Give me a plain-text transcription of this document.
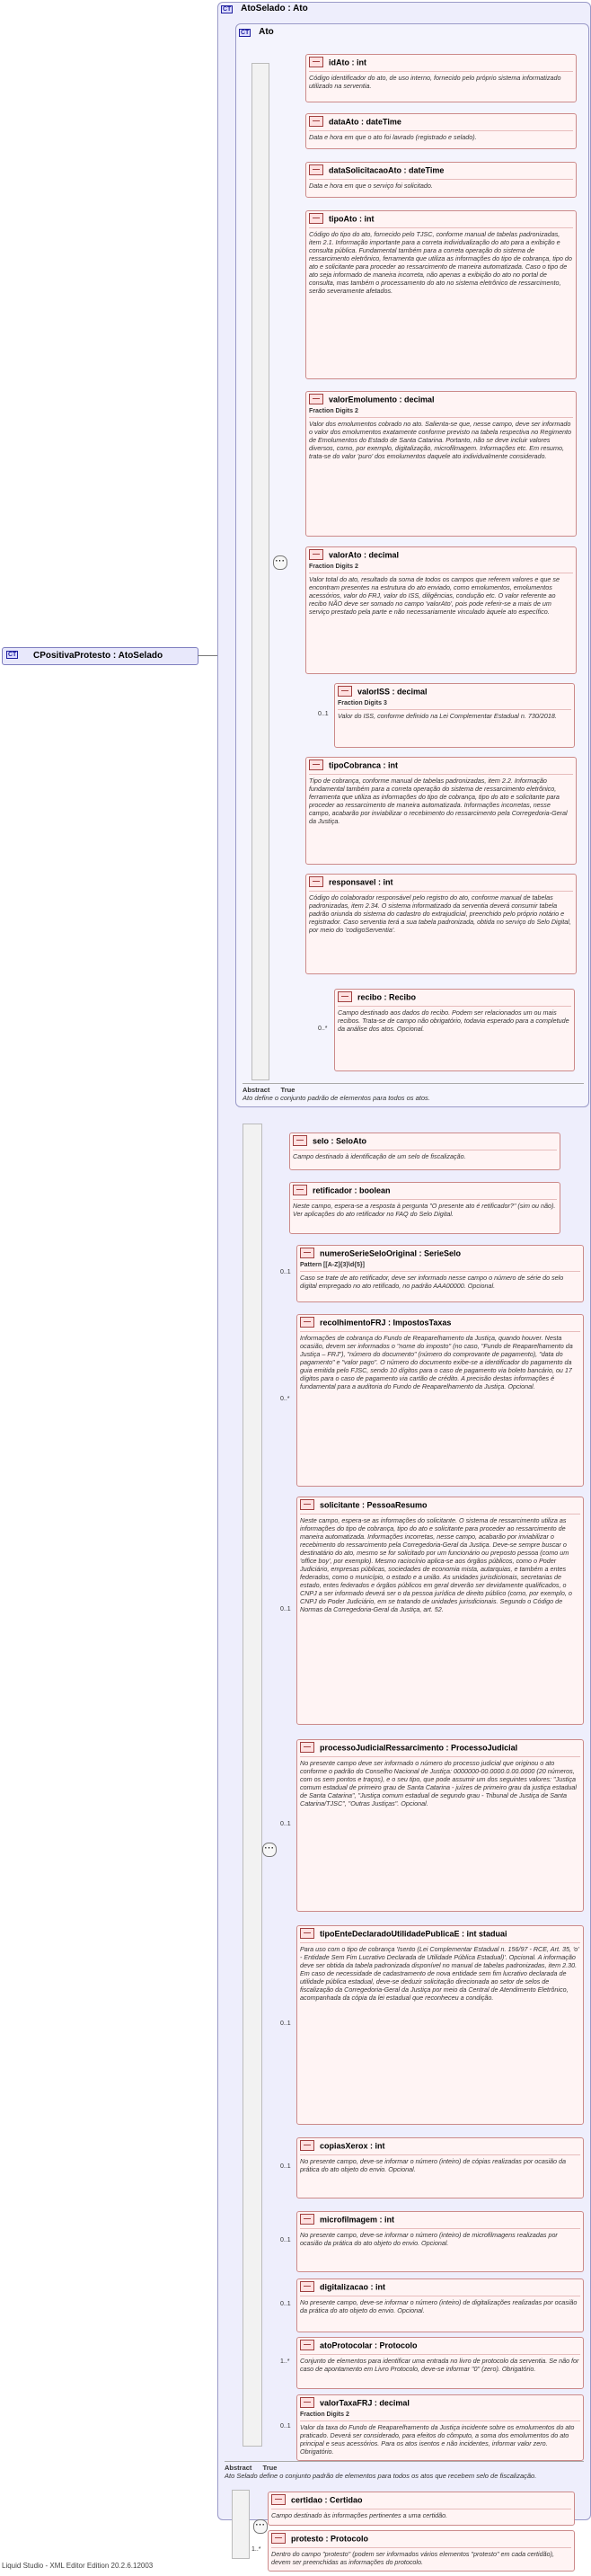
CT CPositivaProtesto : AtoSelado
CT AtoSelado : Ato
CT Ato
⋯
⋯
⋯
idAto : int
Código identificador do ato, de uso interno, fornecido pelo próprio sistema informatizado utilizado na serventia.
dataAto : dateTime
Data e hora em que o ato foi lavrado (registrado e selado).
dataSolicitacaoAto : dateTime
Data e hora em que o serviço foi solicitado.
tipoAto : int
Código do tipo do ato, fornecido pelo TJSC, conforme manual de tabelas padronizadas, item 2.1. Informação importante para a correta individualização do ato para a exibição e consulta pública. Fundamental também para a correta operação do sistema de ressarcimento eletrônico, ferramenta que utiliza as informações do tipo de cobrança, tipo do ato e solicitante para proceder ao ressarcimento de maneira automatizada. Caso o tipo de ato seja informado de maneira incorreta, não apenas a exibição do ato no portal de consulta, mas também o processamento do ato no sistema eletrônico de ressarcimento, serão severamente afetados.
valorEmolumento : decimal
Fraction Digits 2
Valor dos emolumentos cobrado no ato. Salienta-se que, nesse campo, deve ser informado o valor dos emolumentos exatamente conforme previsto na tabela respectiva no Regimento de Emolumentos do Estado de Santa Catarina. Portanto, não se deve incluir valores diversos, como, por exemplo, digitalização, microfilmagem. Informações etc. Em resumo, trata-se do valor 'puro' dos emolumentos daquele ato individualmente considerado.
valorAto : decimal
Fraction Digits 2
Valor total do ato, resultado da soma de todos os campos que referem valores e que se encontram presentes na estrutura do ato enviado, como emolumentos, emolumentos acessórios, valor do FRJ, valor do ISS, diligências, condução etc. O valor referente ao recibo NÃO deve ser somado no campo 'valorAto', pois pode referir-se a mais de um serviço prestado pela parte e não necessariamente vinculado àquele ato específico.
valorISS : decimal
Fraction Digits 3
Valor do ISS, conforme definido na Lei Complementar Estadual n. 730/2018.
0..1
tipoCobranca : int
Tipo de cobrança, conforme manual de tabelas padronizadas, item 2.2. Informação fundamental também para a correta operação do sistema de ressarcimento eletrônico, ferramenta que utiliza as informações do tipo de cobrança, tipo do ato e solicitante para proceder ao ressarcimento de maneira automatizada. Informações incorretas, nesse campo, acabarão por inviabilizar o recebimento do ressarcimento pela Corregedoria-Geral da Justiça.
responsavel : int
Código do colaborador responsável pelo registro do ato, conforme manual de tabelas padronizadas, item 2.34. O sistema informatizado da serventia deverá consumir tabela padrão oriunda do sistema do cadastro do extrajudicial, preenchido pelo próprio notário e registrador. Caso serventia terá a sua tabela padronizada, obtida no serviço do Selo Digital, por meio do 'codigoServentia'.
recibo : Recibo
Campo destinado aos dados do recibo. Podem ser relacionados um ou mais recibos. Trata-se de campo não obrigatório, todavia esperado para a completude da análise dos atos. Opcional.
0..*
selo : SeloAto
Campo destinado à identificação de um selo de fiscalização.
retificador : boolean
Neste campo, espera-se a resposta à pergunta "O presente ato é retificador?" (sim ou não). Ver aplicações do ato retificador no FAQ do Selo Digital.
numeroSerieSeloOriginal : SerieSelo
Pattern [[A-Z]{3}\d{5}]
Caso se trate de ato retificador, deve ser informado nesse campo o número de série do selo digital empregado no ato retificado, no padrão AAA00000. Opcional.
0..1
recolhimentoFRJ : ImpostosTaxas
Informações de cobrança do Fundo de Reaparelhamento da Justiça, quando houver. Nesta ocasião, devem ser informados o "nome do imposto" (no caso, "Fundo de Reaparelhamento da Justiça – FRJ"), "número do documento" (número do comprovante de pagamento), "data do pagamento" e "valor pago". O número do documento exibe-se a identificador do pagamento da guia emitida pelo FJSC, sendo 10 dígitos para o caso de pagamento via boleto bancário, ou 17 dígitos para o caso de pagamento via cartão de crédito. A precisão destas informações é fundamental para a auditoria do Fundo de Reaparelhamento da Justiça. Opcional.
0..*
solicitante : PessoaResumo
Neste campo, espera-se as informações do solicitante. O sistema de ressarcimento utiliza as informações do tipo de cobrança, tipo do ato e solicitante para proceder ao ressarcimento de maneira automatizada. Informações incorretas, nesse campo, acabarão por inviabilizar o recebimento do ressarcimento pela Corregedoria-Geral da Justiça. Deve-se sempre buscar o destinatário do ato, mesmo se for solicitado por um funcionário ou preposto pessoa (como um 'office boy', por exemplo). Mesmo raciocínio aplica-se aos órgãos públicos, como o Poder Judiciário, empresas públicas, sociedades de economia mista, autarquias, e também a entes federados, como o município, o estado e a união. As unidades jurisdicionais, secretarias de estado, entes federados e órgãos públicos em geral deverão ser devidamente qualificados, o CNPJ a ser informado deverá ser o da pessoa jurídica de direito público (como, por exemplo, o CNPJ do Poder Judiciário, em se tratando de unidades jurisdicionais. Segundo o Código de Normas da Corregedoria-Geral da Justiça, art. 52.
0..1
processoJudicialRessarcimento : ProcessoJudicial
No presente campo deve ser informado o número do processo judicial que originou o ato conforme o padrão do Conselho Nacional de Justiça: 0000000-00.0000.0.00.0000 (20 números, com os sem pontos e traços), e o seu tipo, que pode assumir um dos seguintes valores: "Justiça comum estadual de primeiro grau de Santa Catarina - juízes de primeiro grau da justiça estadual de Santa Catarina", "Justiça comum estadual de segundo grau - Tribunal de Justiça de Santa Catarina/TJSC", "Outras Justiças". Opcional.
0..1
tipoEnteDeclaradoUtilidadePublicaE : int staduai
Para uso com o tipo de cobrança 'Isento (Lei Complementar Estadual n. 156/97 - RCE, Art. 35, 'o' - Entidade Sem Fim Lucrativo Declarada de Utilidade Pública Estadual)'. Opcional. A informação deve ser obtida da tabela padronizada disponível no manual de tabelas padronizadas, item 2.30. Em caso de necessidade de cadastramento de nova entidade sem fim lucrativo declarada de utilidade pública estadual, deve-se deduzir solicitação direcionada ao setor de selos de fiscalização da Corregedoria-Geral da Justiça por meio da Central de Atendimento Eletrônico, acompanhada da cópia da lei estadual que reconheceu a condição.
0..1
copiasXerox : int
No presente campo, deve-se informar o número (inteiro) de cópias realizadas por ocasião da prática do ato objeto do envio. Opcional.
0..1
microfilmagem : int
No presente campo, deve-se informar o número (inteiro) de microfilmagens realizadas por ocasião da prática do ato objeto do envio. Opcional.
0..1
digitalizacao : int
No presente campo, deve-se informar o número (inteiro) de digitalizações realizadas por ocasião da prática do ato objeto do envio. Opcional.
0..1
atoProtocolar : Protocolo
Conjunto de elementos para identificar uma entrada no livro de protocolo da serventia. Se não for caso de apontamento em Livro Protocolo, deve-se informar "0" (zero). Obrigatório.
1..*
valorTaxaFRJ : decimal
Fraction Digits 2
Valor da taxa do Fundo de Reaparelhamento da Justiça incidente sobre os emolumentos do ato praticado. Deverá ser considerado, para efeitos do cômputo, a soma dos emolumentos do ato principal e seus acessórios. Para os atos isentos e não incidentes, informar valor zero. Obrigatório.
0..1
certidao : Certidao
Campo destinado às informações pertinentes a uma certidão.
protesto : Protocolo
Dentro do campo "protesto" (podem ser informados vários elementos "protesto" em cada certidão), devem ser preenchidas as informações do protocolo.
1..*
Abstract True
Ato define o conjunto padrão de elementos para todos os atos.
Abstract True
Ato Selado define o conjunto padrão de elementos para todos os atos que recebem selo de fiscalização.
Liquid Studio - XML Editor Edition 20.2.6.12003
